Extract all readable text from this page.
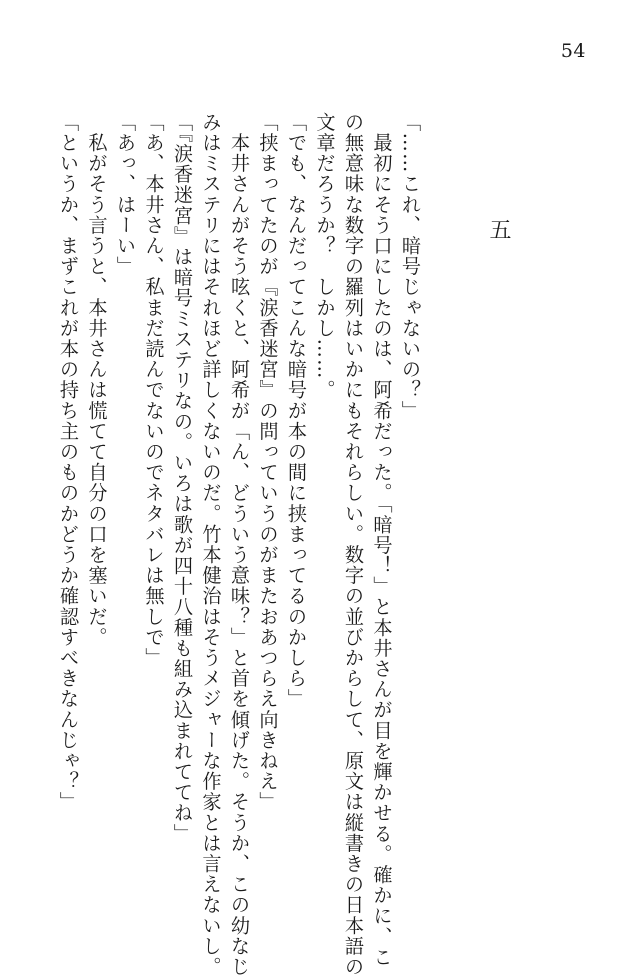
54
五
「……これ、暗号じゃないの？」
　最初にそう口にしたのは、阿希だった。「暗号！」と本井さんが目を輝かせる。確かに、こ
の無意味な数字の羅列はいかにもそれらしい。数字の並びからして、原文は縦書きの日本語の
文章だろうか？　しかし……。
「でも、なんだってこんな暗号が本の間に挟まってるのかしら」
「挟まってたのが『涙香迷宮』の問っていうのがまたおあつらえ向きねえ」
　本井さんがそう呟くと、阿希が「ん、どういう意味？」と首を傾げた。そうか、この幼なじ
みはミステリにはそれほど詳しくないのだ。竹本健治はそうメジャーな作家とは言えないし。
「『涙香迷宮』は暗号ミステリなの。いろは歌が四十八種も組み込まれててね」
「あ、本井さん、私まだ読んでないのでネタバレは無しで」
「あっ、はーい」
　私がそう言うと、本井さんは慌てて自分の口を塞いだ。
「というか、まずこれが本の持ち主のものかどうか確認すべきなんじゃ？」
